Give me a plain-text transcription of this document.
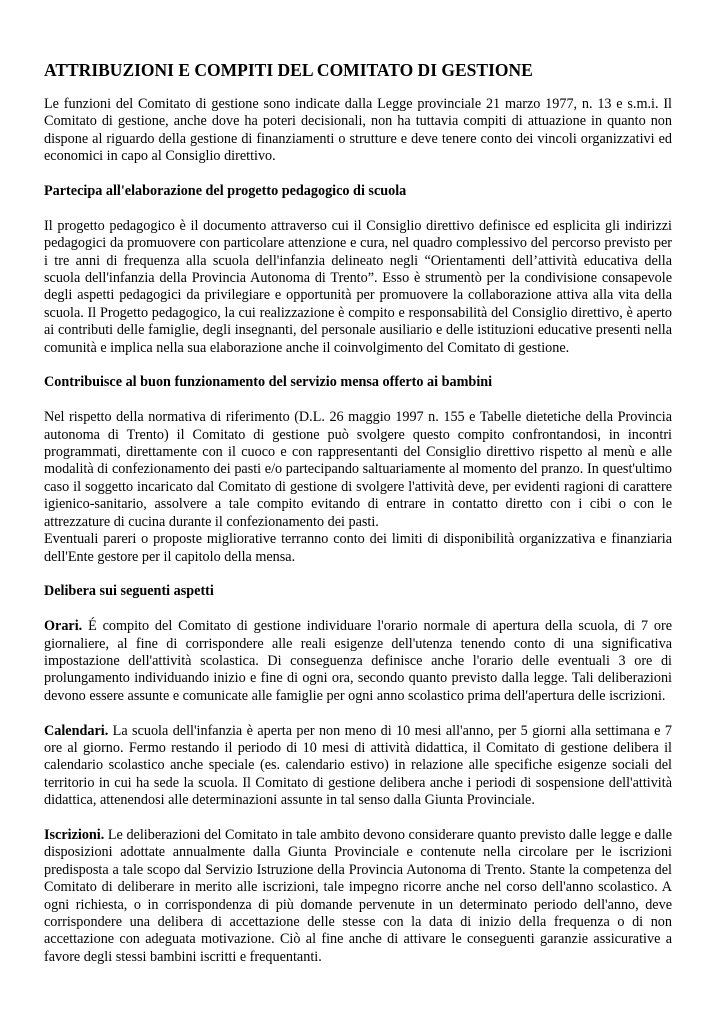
ATTRIBUZIONI E COMPITI DEL COMITATO DI GESTIONE

Le funzioni del Comitato di gestione sono indicate dalla Legge provinciale 21 marzo 1977, n. 13 e s.m.i. Il Comitato di gestione, anche dove ha poteri decisionali, non ha tuttavia compiti di attuazione in quanto non dispone al riguardo della gestione di finanziamenti o strutture e deve tenere conto dei vincoli organizzativi ed economici in capo al Consiglio direttivo.

Partecipa all'elaborazione del progetto pedagogico di scuola

Il progetto pedagogico è il documento attraverso cui il Consiglio direttivo definisce ed esplicita gli indirizzi pedagogici da promuovere con particolare attenzione e cura, nel quadro complessivo del percorso previsto per i tre anni di frequenza alla scuola dell'infanzia delineato negli “Orientamenti dell’attività educativa della scuola dell'infanzia della Provincia Autonoma di Trento”. Esso è strumentò per la condivisione consapevole degli aspetti pedagogici da privilegiare e opportunità per promuovere la collaborazione attiva alla vita della scuola. Il Progetto pedagogico, la cui realizzazione è compito e responsabilità del Consiglio direttivo, è aperto ai contributi delle famiglie, degli insegnanti, del personale ausiliario e delle istituzioni educative presenti nella comunità e implica nella sua elaborazione anche il coinvolgimento del Comitato di gestione.

Contribuisce al buon funzionamento del servizio mensa offerto ai bambini

Nel rispetto della normativa di riferimento (D.L. 26 maggio 1997 n. 155 e Tabelle dietetiche della Provincia autonoma di Trento) il Comitato di gestione può svolgere questo compito confrontandosi, in incontri programmati, direttamente con il cuoco e con rappresentanti del Consiglio direttivo rispetto al menù e alle modalità di confezionamento dei pasti e/o partecipando saltuariamente al momento del pranzo. In quest'ultimo caso il soggetto incaricato dal Comitato di gestione di svolgere l'attività deve, per evidenti ragioni di carattere igienico-sanitario, assolvere a tale compito evitando di entrare in contatto diretto con i cibi o con le attrezzature di cucina durante il confezionamento dei pasti.

Eventuali pareri o proposte migliorative terranno conto dei limiti di disponibilità organizzativa e finanziaria dell'Ente gestore per il capitolo della mensa.

Delibera sui seguenti aspetti

Orari. É compito del Comitato di gestione individuare l'orario normale di apertura della scuola, di 7 ore giornaliere, al fine di corrispondere alle reali esigenze dell'utenza tenendo conto di una significativa impostazione dell'attività scolastica. Di conseguenza definisce anche l'orario delle eventuali 3 ore di prolungamento individuando inizio e fine di ogni ora, secondo quanto previsto dalla legge. Tali deliberazioni devono essere assunte e comunicate alle famiglie per ogni anno scolastico prima dell'apertura delle iscrizioni.

Calendari. La scuola dell'infanzia è aperta per non meno di 10 mesi all'anno, per 5 giorni alla settimana e 7 ore al giorno. Fermo restando il periodo di 10 mesi di attività didattica, il Comitato di gestione delibera il calendario scolastico anche speciale (es. calendario estivo) in relazione alle specifiche esigenze sociali del territorio in cui ha sede la scuola. Il Comitato di gestione delibera anche i periodi di sospensione dell'attività didattica, attenendosi alle determinazioni assunte in tal senso dalla Giunta Provinciale.

Iscrizioni. Le deliberazioni del Comitato in tale ambito devono considerare quanto previsto dalle legge e dalle disposizioni adottate annualmente dalla Giunta Provinciale e contenute nella circolare per le iscrizioni predisposta a tale scopo dal Servizio Istruzione della Provincia Autonoma di Trento. Stante la competenza del Comitato di deliberare in merito alle iscrizioni, tale impegno ricorre anche nel corso dell'anno scolastico. A ogni richiesta, o in corrispondenza di più domande pervenute in un determinato periodo dell'anno, deve corrispondere una delibera di accettazione delle stesse con la data di inizio della frequenza o di non accettazione con adeguata motivazione. Ciò al fine anche di attivare le conseguenti garanzie assicurative a favore degli stessi bambini iscritti e frequentanti.
